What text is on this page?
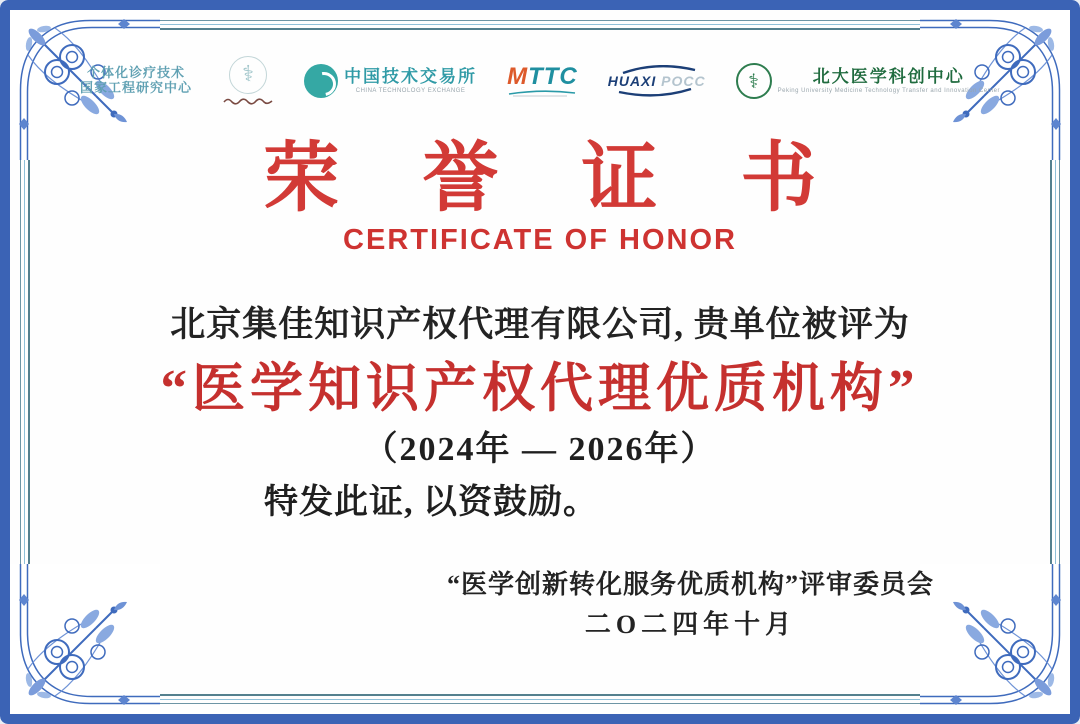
个体化诊疗技术
国家工程研究中心
⚕	中国技术交易所
CHINA TECHNOLOGY EXCHANGE
MTTC HUAXI POCC	⚕	北大医学科创中心
Peking University Medicine Technology Transfer and Innovation Center
荣 誉 证 书
CERTIFICATE OF HONOR
北京集佳知识产权代理有限公司, 贵单位被评为
“医学知识产权代理优质机构”
（2024年 — 2026年）
特发此证, 以资鼓励。
“医学创新转化服务优质机构”评审委员会
二O二四年十月
